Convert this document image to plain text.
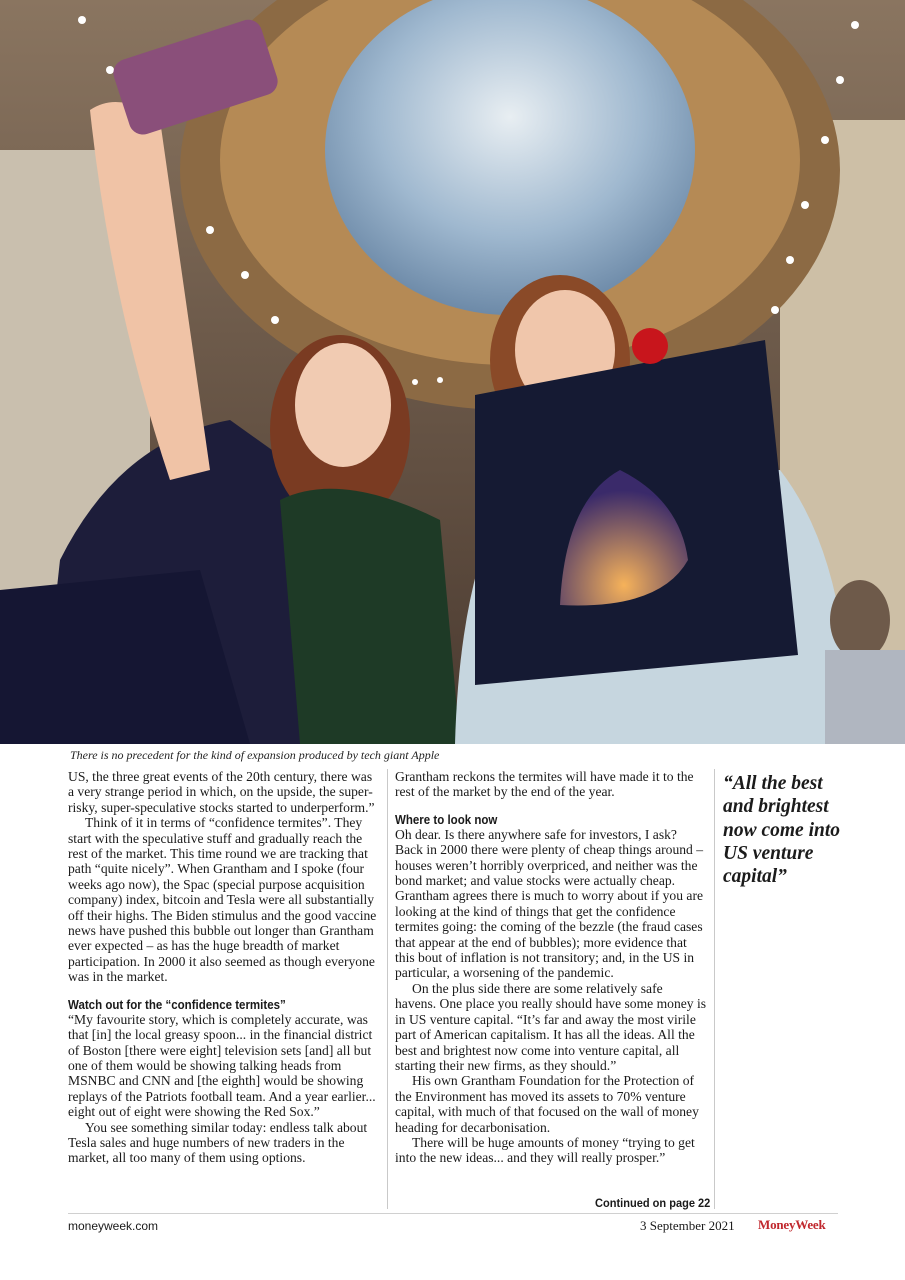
There is no precedent for the kind of expansion produced by tech giant Apple

US, the three great events of the 20th century, there was a very strange period in which, on the upside, the super-risky, super-speculative stocks started to underperform.”

Think of it in terms of “confidence termites”. They start with the speculative stuff and gradually reach the rest of the market. This time round we are tracking that path “quite nicely”. When Grantham and I spoke (four weeks ago now), the Spac (special purpose acquisition company) index, bitcoin and Tesla were all substantially off their highs. The Biden stimulus and the good vaccine news have pushed this bubble out longer than Grantham ever expected – as has the huge breadth of market participation. In 2000 it also seemed as though everyone was in the market.

Watch out for the “confidence termites”

“My favourite story, which is completely accurate, was that [in] the local greasy spoon... in the financial district of Boston [there were eight] television sets [and] all but one of them would be showing talking heads from MSNBC and CNN and [the eighth] would be showing replays of the Patriots football team. And a year earlier... eight out of eight were showing the Red Sox.”

You see something similar today: endless talk about Tesla sales and huge numbers of new traders in the market, all too many of them using options.

Grantham reckons the termites will have made it to the rest of the market by the end of the year.

Where to look now

Oh dear. Is there anywhere safe for investors, I ask? Back in 2000 there were plenty of cheap things around – houses weren’t horribly overpriced, and neither was the bond market; and value stocks were actually cheap. Grantham agrees there is much to worry about if you are looking at the kind of things that get the confidence termites going: the coming of the bezzle (the fraud cases that appear at the end of bubbles); more evidence that this bout of inflation is not transitory; and, in the US in particular, a worsening of the pandemic.

On the plus side there are some relatively safe havens. One place you really should have some money is in US venture capital. “It’s far and away the most virile part of American capitalism. It has all the ideas. All the best and brightest now come into venture capital, all starting their new firms, as they should.”

His own Grantham Foundation for the Protection of the Environment has moved its assets to 70% venture capital, with much of that focused on the wall of money heading for decarbonisation.

There will be huge amounts of money “trying to get into the new ideas... and they will really prosper.”

“All the best and brightest now come into US venture capital”
Continued on page 22
moneyweek.com	3 September 2021 MoneyWeek
